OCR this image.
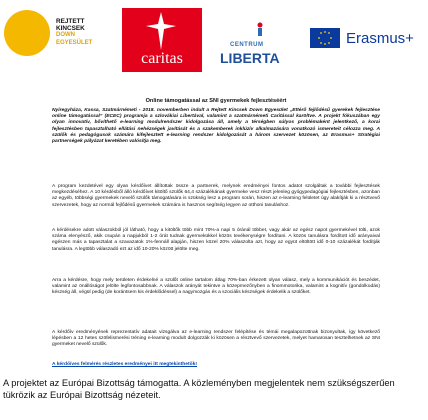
REJTETT
KINCSEK
DOWN
EGYESÜLET
caritas
CENTRUM
LIBERTA
Erasmus+
Online támogatással az SNI gyermekek fejlesztéséért
Nyíregyháza, Kassa, Szatmárnémeti - 2018. novemberben indult a Rejtett Kincsek Down Egyesület „Ettérő fejlődésű gyerekek fejlesztése online támogatással” (ECEC) programja a szlovákiai Libertával, valamint a szatmárnémeti Caritással karöltve. A projekt fókuszában egy olyan innovatív, bővíthető e-learning modulrendszer kidolgozása áll, amely a térségben súlyos problémaként jelentkező, a korai fejlesztésben tapasztalható ellátási nehézségek javítását és a szakemberek inklúzív alkalmazására vonatkozó ismereteit célozza meg. A szülők és pedagógusok számára kifejlesztett e-learning rendszer kidolgozását a három szervezet közösen, az Erasmus+ Stratégiai partnerségek pályázat keretében valósítja meg.
A program kezdetével egy olyan kérdőívet állítottak össze a partnerek, melynek eredményei fontos adatot szolgáltak a további fejlesztések megkezdéséhez. A 10 kérdésből álló kérdőívet kitöltő szülők 64,4 százalékának gyermeke vesz részt jelenleg gyógypedagógiai fejlesztésben, azonban az egyéb, többségi gyermekek nevelő szülők támogatására is szükség lesz a program során, hiszen az e-learning felületet úgy alakítják ki a résztvevő szervezetek, hogy az normál fejlődésű gyermekek számára is hasznos segítség legyen az otthoni tanuláshoz.
A kérdésekre adott válaszokból jól látható, hogy a kitöltők több mint 70%-a napi 5 óránál többet, vagy akár az egész napot gyermekével tölti, azok száma elenyésző, akik csupán a napjukból 1-2 órát tudnak gyermekükkel közös tevékenységre fordítani. A közös tanulásra fordított idő arányaival egészen más a tapasztalat a szavazatok 1%-fennáll alapján, hiszen közel 20% válaszolta azt, hogy az együt eltöltött idő 0-10 százalékát fordítják tanulásra. A legtöbb válaszadó ezt az idő 10-20% között jelölte meg.
Arra a kérdésre, hogy mely területen érdekelné a szülőt online tartalom átlag 70%-ban érkezett olyan válasz, mely a kommunikációt és beszédet, valamint az önállóságot jelölte legfontosabbnak. A válaszok arányát tekintve a közepmezőnyben a finommotorika, valamint a kognitív (gondolkodás) készség áll, végül pedig (de korántsem kis érdeklődéssel) a nagymozgás és a szociális készségek érdekelik a szülőket.
A kérdőív eredményének reprezentatív adatait vizsgálva az e-learning rendszer felépítése és témái megalapozottnak bizonyultak, így következő lépésben a 12 hetes szöfelismerési tréning e-learning modult dolgozzák ki közösen a résztvevő szervezetek, melyet hamarosan tesztelhetnek az SNI gyermeket nevelő szülők.
A kérdőíves felmérés részletes eredményei itt megtekinthetők!
A projektet az Európai Bizottság támogatta. A közleményben megjelentek nem szükségszerűen tükrözik az Európai Bizottság nézeteit.
